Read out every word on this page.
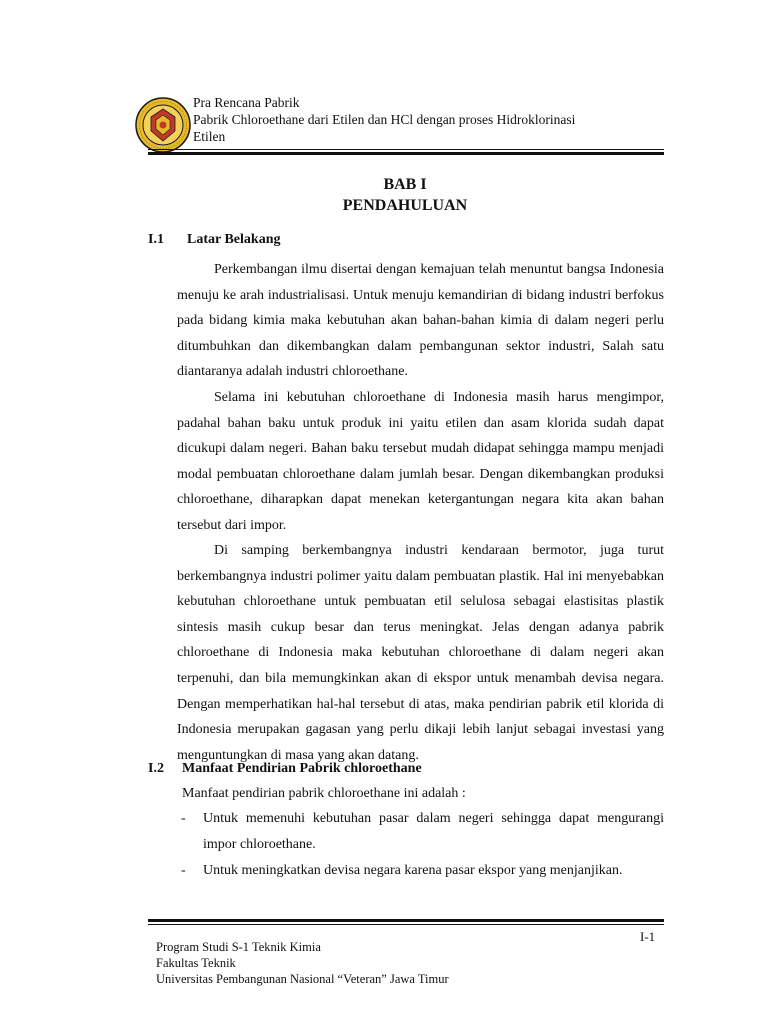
Pra Rencana Pabrik
Pabrik Chloroethane dari Etilen dan HCl dengan proses Hidroklorinasi
Etilen
BAB I
PENDAHULUAN
I.1 Latar Belakang

Perkembangan ilmu disertai dengan kemajuan telah menuntut bangsa Indonesia menuju ke arah industrialisasi. Untuk menuju kemandirian di bidang industri berfokus pada bidang kimia maka kebutuhan akan bahan-bahan kimia di dalam negeri perlu ditumbuhkan dan dikembangkan dalam pembangunan sektor industri, Salah satu diantaranya adalah industri chloroethane.

Selama ini kebutuhan chloroethane di Indonesia masih harus mengimpor, padahal bahan baku untuk produk ini yaitu etilen dan asam klorida sudah dapat dicukupi dalam negeri. Bahan baku tersebut mudah didapat sehingga mampu menjadi modal pembuatan chloroethane dalam jumlah besar. Dengan dikembangkan produksi chloroethane, diharapkan dapat menekan ketergantungan negara kita akan bahan tersebut dari impor.

Di samping berkembangnya industri kendaraan bermotor, juga turut berkembangnya industri polimer yaitu dalam pembuatan plastik. Hal ini menyebabkan kebutuhan chloroethane untuk pembuatan etil selulosa sebagai elastisitas plastik sintesis masih cukup besar dan terus meningkat. Jelas dengan adanya pabrik chloroethane di Indonesia maka kebutuhan chloroethane di dalam negeri akan terpenuhi, dan bila memungkinkan akan di ekspor untuk menambah devisa negara. Dengan memperhatikan hal-hal tersebut di atas, maka pendirian pabrik etil klorida di Indonesia merupakan gagasan yang perlu dikaji lebih lanjut sebagai investasi yang menguntungkan di masa yang akan datang.

I.2 Manfaat Pendirian Pabrik chloroethane
Manfaat pendirian pabrik chloroethane ini adalah :
- Untuk memenuhi kebutuhan pasar dalam negeri sehingga dapat mengurangi impor chloroethane.

- Untuk meningkatkan devisa negara karena pasar ekspor yang menjanjikan.

I-1
Program Studi S-1 Teknik Kimia
Fakultas Teknik
Universitas Pembangunan Nasional “Veteran” Jawa Timur
